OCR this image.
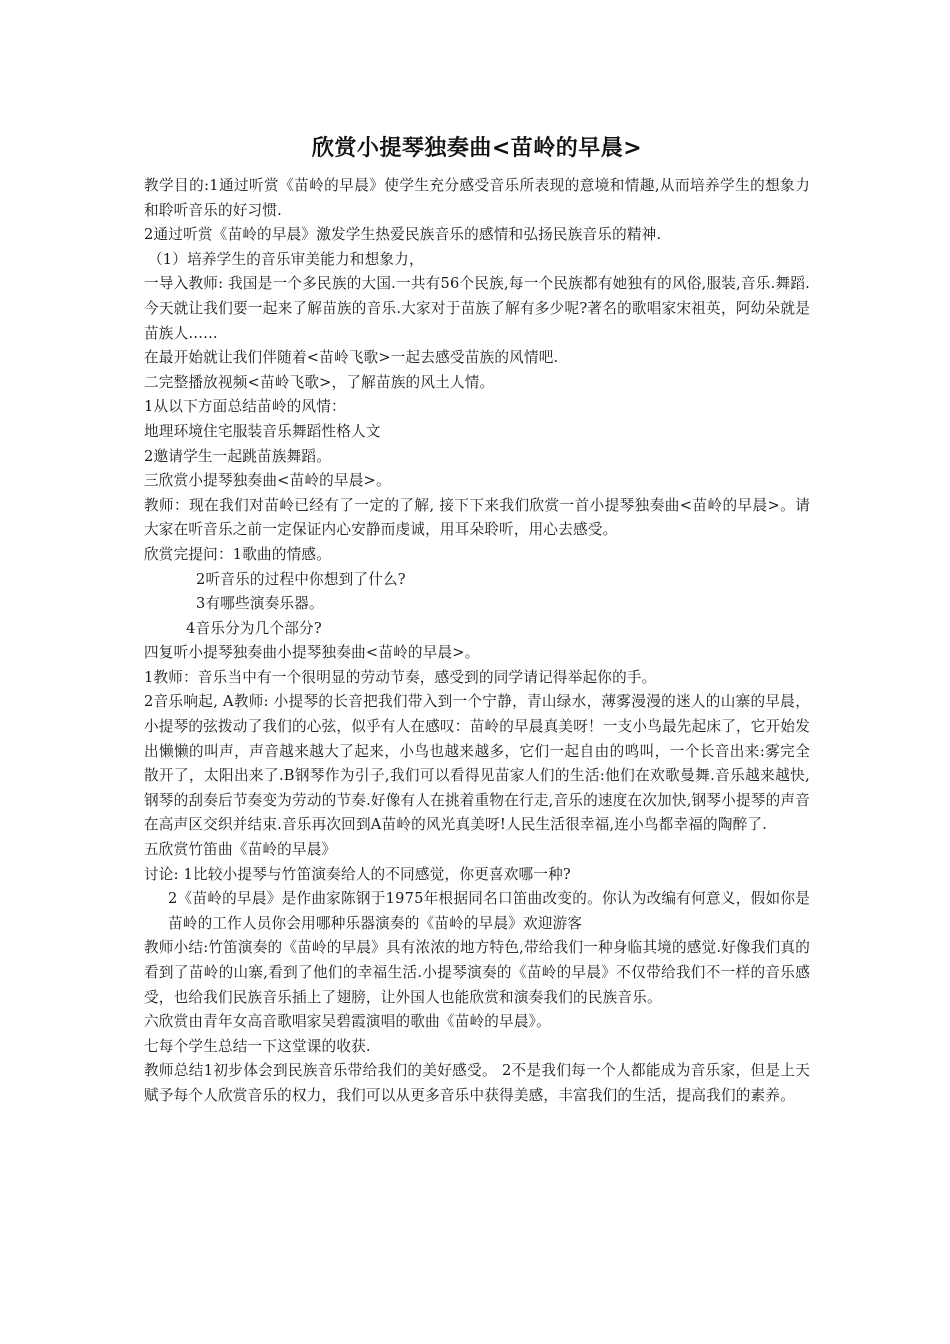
欣赏小提琴独奏曲<苗岭的早晨>

教学目的:1通过听赏《苗岭的早晨》使学生充分感受音乐所表现的意境和情趣,从而培养学生的想象力和聆听音乐的好习惯.

2通过听赏《苗岭的早晨》激发学生热爱民族音乐的感情和弘扬民族音乐的精神.

（1）培养学生的音乐审美能力和想象力，

一导入教师: 我国是一个多民族的大国.一共有56个民族,每一个民族都有她独有的风俗,服装,音乐.舞蹈.今天就让我们要一起来了解苗族的音乐.大家对于苗族了解有多少呢?著名的歌唱家宋祖英，阿幼朵就是苗族人……

在最开始就让我们伴随着<苗岭飞歌>一起去感受苗族的风情吧.

二完整播放视频<苗岭飞歌>，了解苗族的风土人情。

1从以下方面总结苗岭的风情：

地理环境住宅服装音乐舞蹈性格人文

2邀请学生一起跳苗族舞蹈。

三欣赏小提琴独奏曲<苗岭的早晨>。

教师：现在我们对苗岭已经有了一定的了解, 接下下来我们欣赏一首小提琴独奏曲<苗岭的早晨>。请大家在听音乐之前一定保证内心安静而虔诚，用耳朵聆听，用心去感受。

欣赏完提问：1歌曲的情感。

2听音乐的过程中你想到了什么?

3有哪些演奏乐器。

4音乐分为几个部分?

四复听小提琴独奏曲小提琴独奏曲<苗岭的早晨>。

1教师：音乐当中有一个很明显的劳动节奏，感受到的同学请记得举起你的手。

2音乐响起, A教师: 小提琴的长音把我们带入到一个宁静，青山绿水，薄雾漫漫的迷人的山寨的早晨，小提琴的弦拨动了我们的心弦，似乎有人在感叹：苗岭的早晨真美呀！一支小鸟最先起床了，它开始发出懒懒的叫声，声音越来越大了起来，小鸟也越来越多，它们一起自由的鸣叫，一个长音出来:雾完全散开了，太阳出来了.B钢琴作为引子,我们可以看得见苗家人们的生活:他们在欢歌曼舞.音乐越来越快,钢琴的刮奏后节奏变为劳动的节奏.好像有人在挑着重物在行走,音乐的速度在次加快,钢琴小提琴的声音在高声区交织并结束.音乐再次回到A苗岭的风光真美呀!人民生活很幸福,连小鸟都幸福的陶醉了.

五欣赏竹笛曲《苗岭的早晨》

讨论: 1比较小提琴与竹笛演奏给人的不同感觉，你更喜欢哪一种?

2《苗岭的早晨》是作曲家陈钢于1975年根据同名口笛曲改变的。你认为改编有何意义，假如你是苗岭的工作人员你会用哪种乐器演奏的《苗岭的早晨》欢迎游客

教师小结:竹笛演奏的《苗岭的早晨》具有浓浓的地方特色,带给我们一种身临其境的感觉.好像我们真的看到了苗岭的山寨,看到了他们的幸福生活.小提琴演奏的《苗岭的早晨》不仅带给我们不一样的音乐感受，也给我们民族音乐插上了翅膀，让外国人也能欣赏和演奏我们的民族音乐。

六欣赏由青年女高音歌唱家吴碧霞演唱的歌曲《苗岭的早晨》。

七每个学生总结一下这堂课的收获.

教师总结1初步体会到民族音乐带给我们的美好感受。 2不是我们每一个人都能成为音乐家，但是上天赋予每个人欣赏音乐的权力，我们可以从更多音乐中获得美感，丰富我们的生活，提高我们的素养。
